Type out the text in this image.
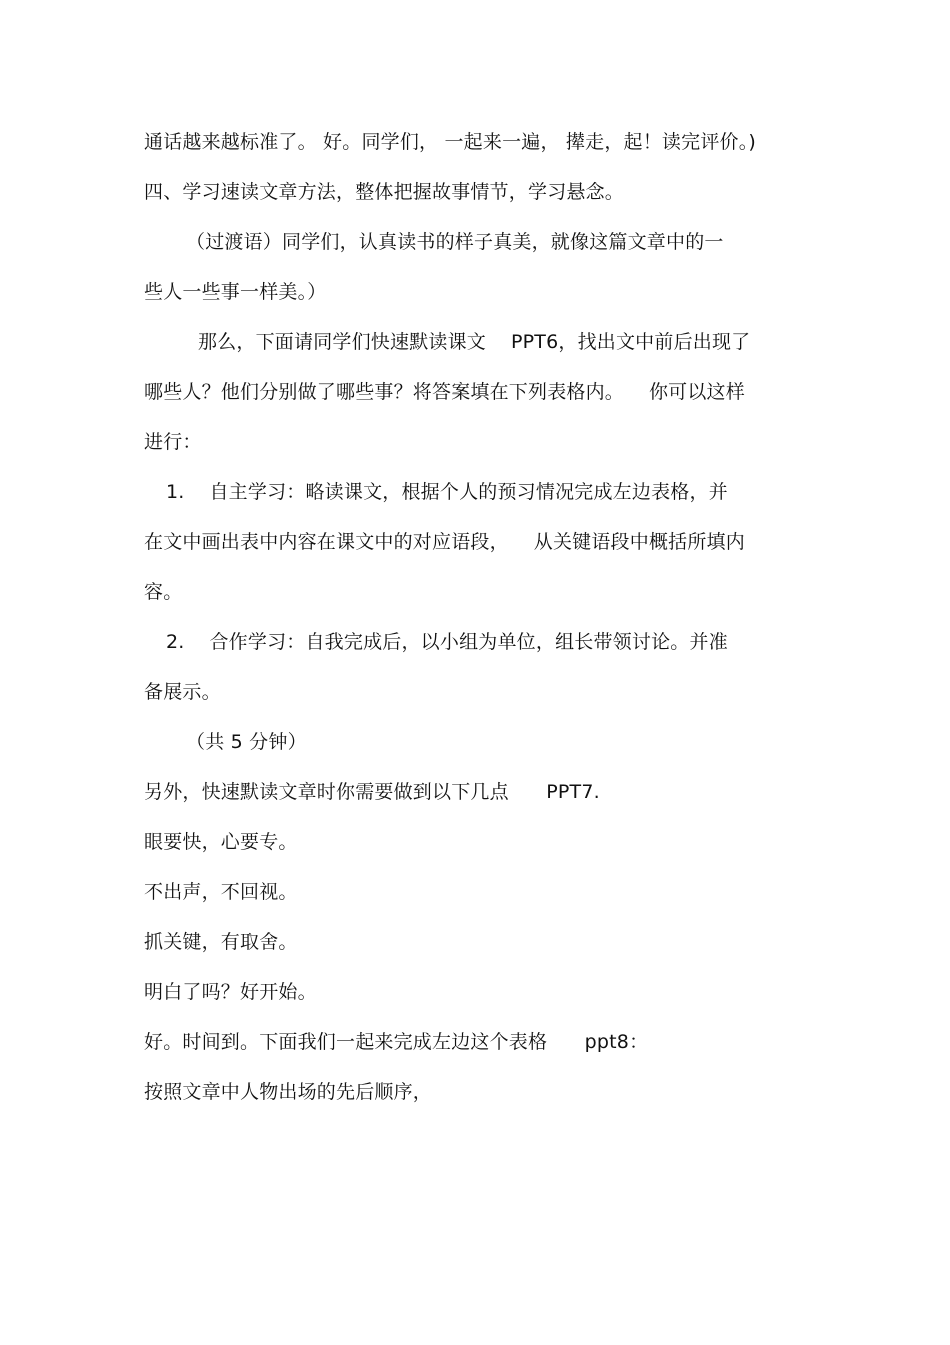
通话越来越标准了。 好。同学们， 一起来一遍， 撵走，起！读完评价。)
四、学习速读文章方法，整体把握故事情节，学习悬念。
（过渡语）同学们，认真读书的样子真美，就像这篇文章中的一
些人一些事一样美。）
那么，下面请同学们快速默读课文    PPT6，找出文中前后出现了
哪些人？他们分别做了哪些事？将答案填在下列表格内。    你可以这样
进行：
1.    自主学习：略读课文，根据个人的预习情况完成左边表格，并
在文中画出表中内容在课文中的对应语段，    从关键语段中概括所填内
容。
2.    合作学习：自我完成后，以小组为单位，组长带领讨论。并准
备展示。
（共 5 分钟）
另外，快速默读文章时你需要做到以下几点      PPT7.
眼要快，心要专。
不出声，不回视。
抓关键，有取舍。
明白了吗？好开始。
好。时间到。下面我们一起来完成左边这个表格      ppt8：
按照文章中人物出场的先后顺序，
